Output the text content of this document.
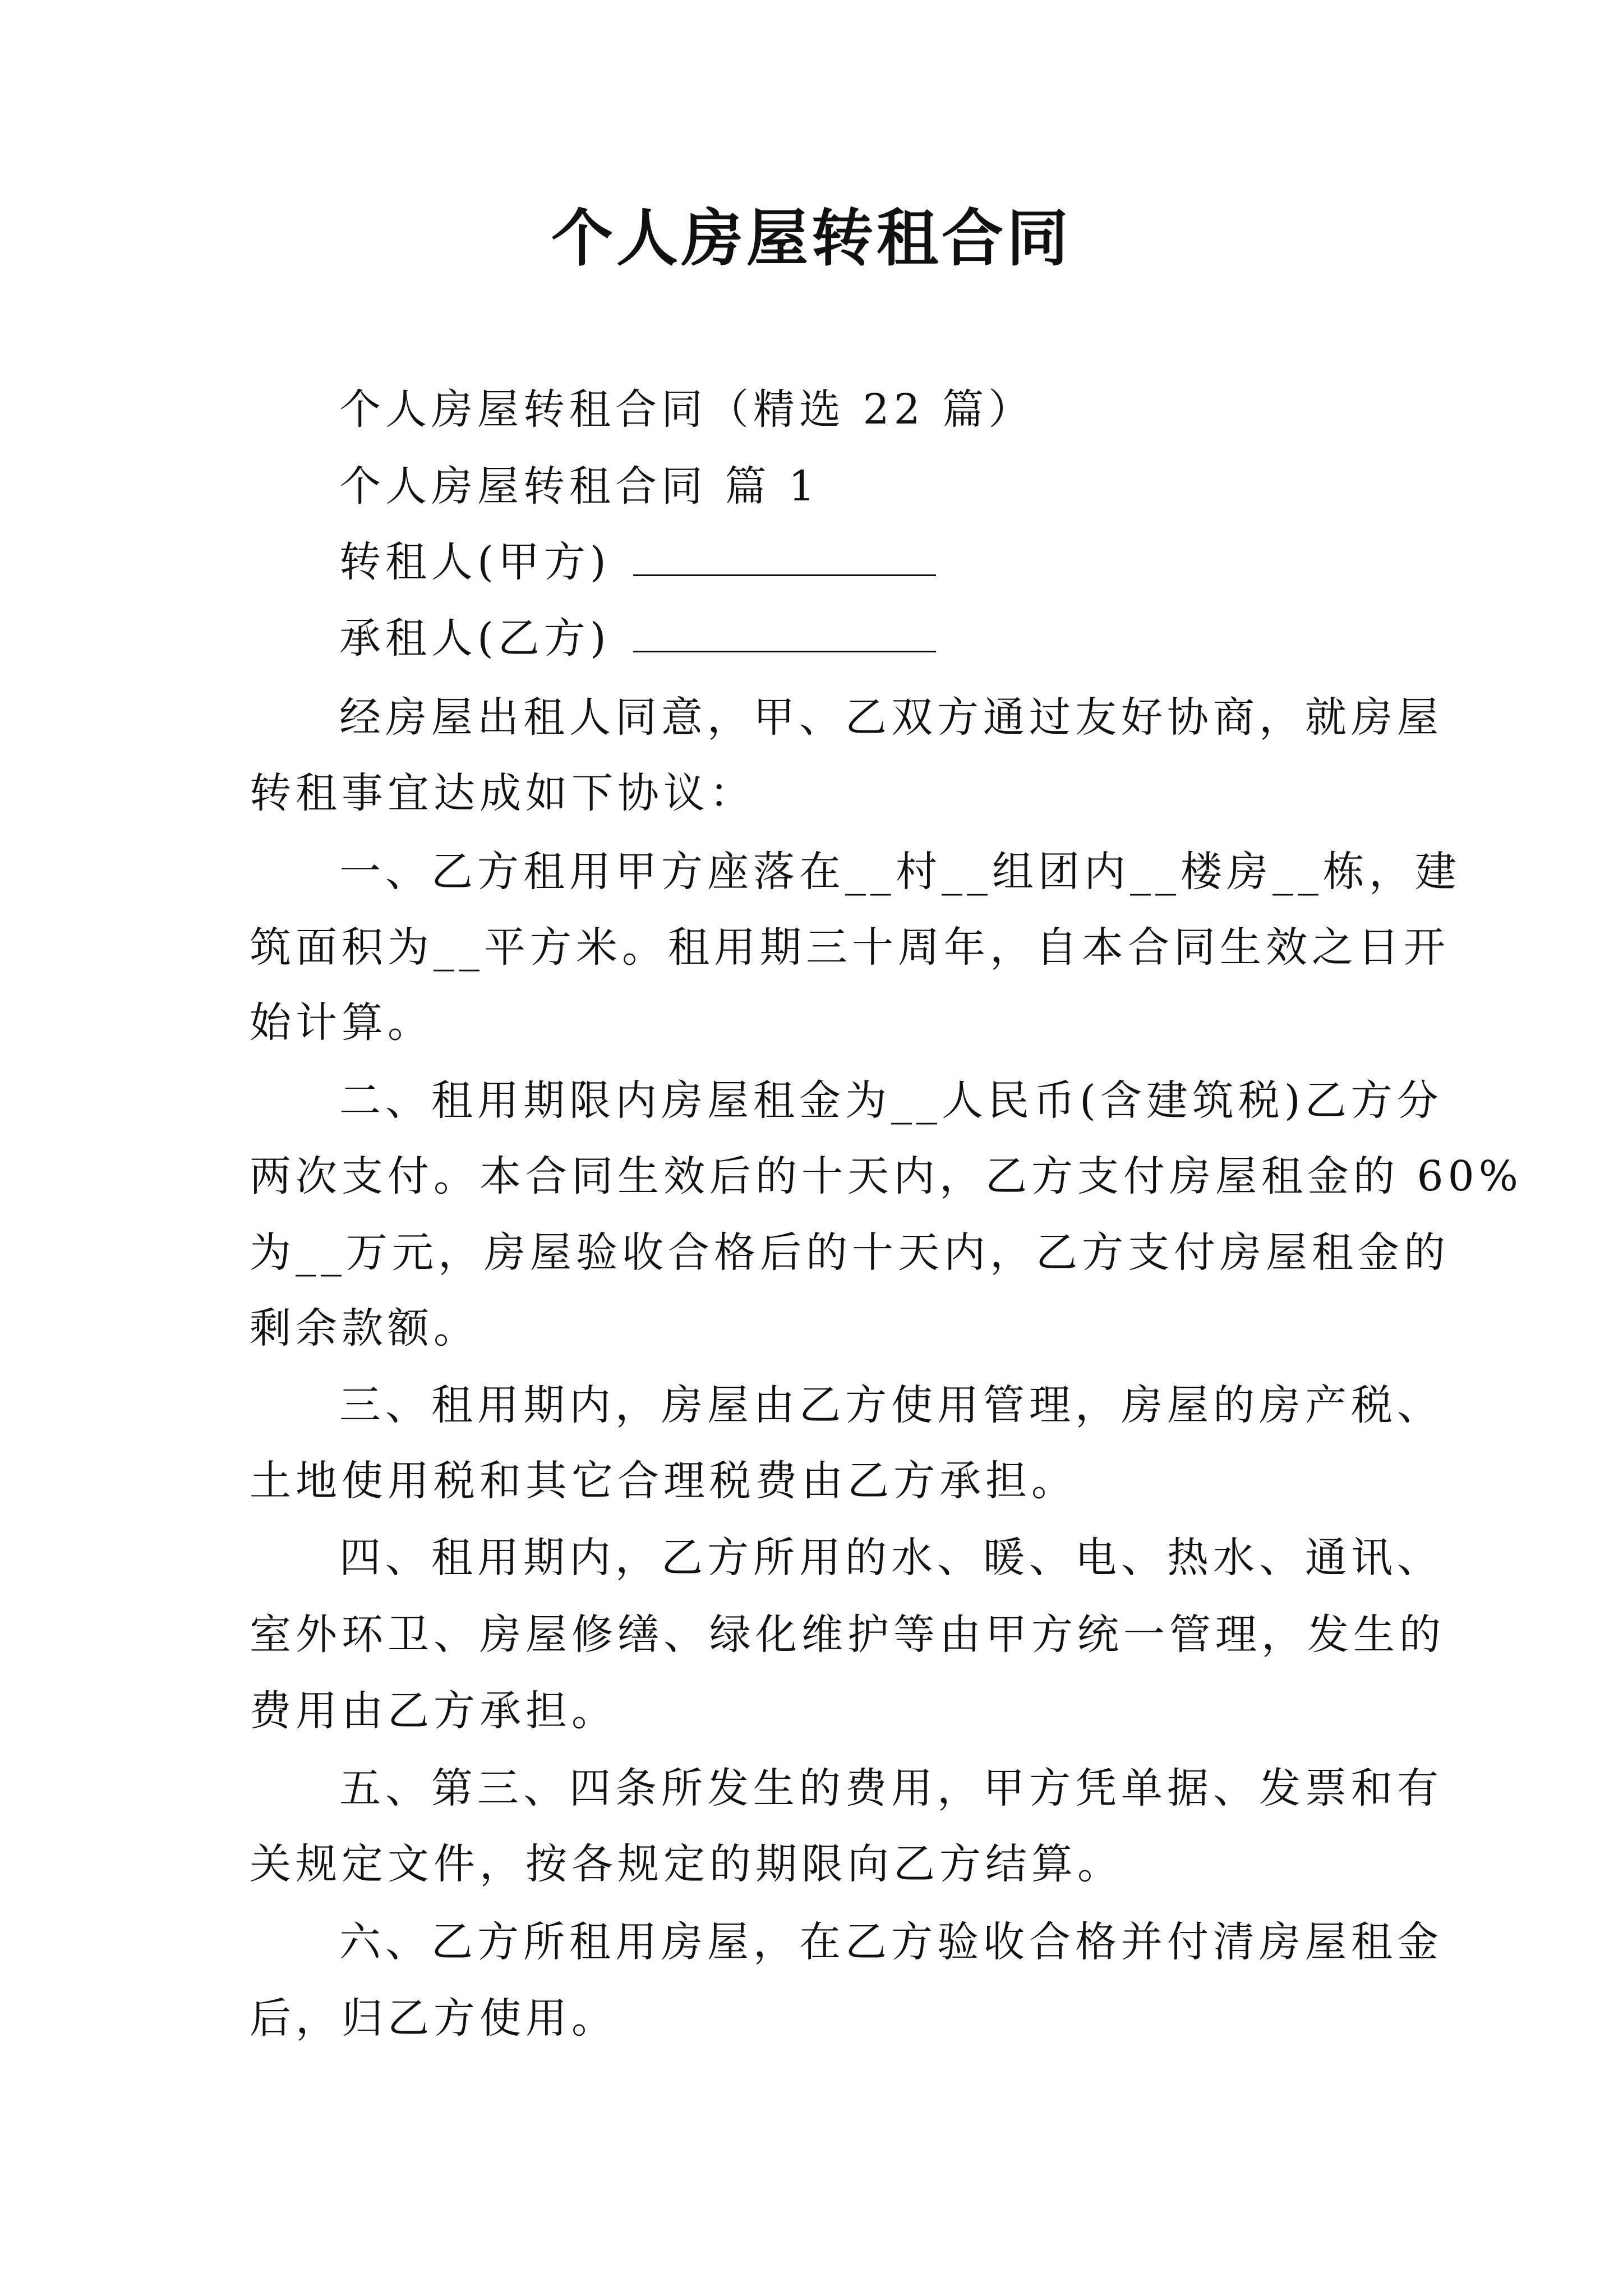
个人房屋转租合同
个人房屋转租合同（精选 22 篇）
个人房屋转租合同 篇 1
转租人(甲方)
承租人(乙方)
经房屋出租人同意，甲、乙双方通过友好协商，就房屋
转租事宜达成如下协议：
一、乙方租用甲方座落在__村__组团内__楼房__栋，建
筑面积为__平方米。租用期三十周年，自本合同生效之日开
始计算。
二、租用期限内房屋租金为__人民币(含建筑税)乙方分
两次支付。本合同生效后的十天内，乙方支付房屋租金的 60%
为__万元，房屋验收合格后的十天内，乙方支付房屋租金的
剩余款额。
三、租用期内，房屋由乙方使用管理，房屋的房产税、
土地使用税和其它合理税费由乙方承担。
四、租用期内，乙方所用的水、暖、电、热水、通讯、
室外环卫、房屋修缮、绿化维护等由甲方统一管理，发生的
费用由乙方承担。
五、第三、四条所发生的费用，甲方凭单据、发票和有
关规定文件，按各规定的期限向乙方结算。
六、乙方所租用房屋，在乙方验收合格并付清房屋租金
后，归乙方使用。
